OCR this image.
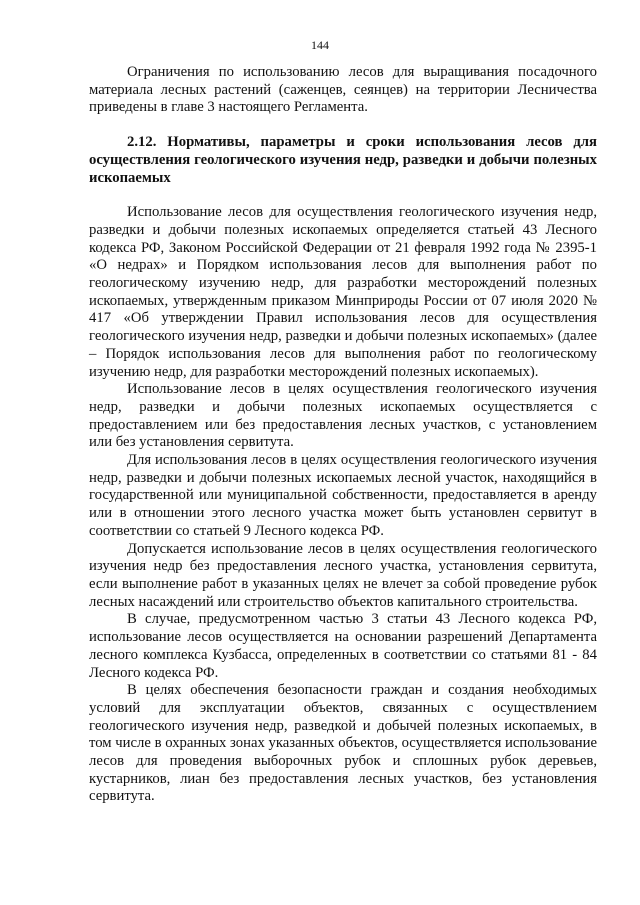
144

Ограничения по использованию лесов для выращивания посадочного материала лесных растений (саженцев, сеянцев) на территории Лесничества приведены в главе 3 настоящего Регламента.

2.12. Нормативы, параметры и сроки использования лесов для осуществления геологического изучения недр, разведки и добычи полезных ископаемых

Использование лесов для осуществления геологического изучения недр, разведки и добычи полезных ископаемых определяется статьей 43 Лесного кодекса РФ, Законом Российской Федерации от 21 февраля 1992 года № 2395-1 «О недрах» и Порядком использования лесов для выполнения работ по геологическому изучению недр, для разработки месторождений полезных ископаемых, утвержденным приказом Минприроды России от 07 июля 2020 № 417 «Об утверждении Правил использования лесов для осуществления геологического изучения недр, разведки и добычи полезных ископаемых» (далее – Порядок использования лесов для выполнения работ по геологическому изучению недр, для разработки месторождений полезных ископаемых).

Использование лесов в целях осуществления геологического изучения недр, разведки и добычи полезных ископаемых осуществляется с предоставлением или без предоставления лесных участков, с установлением или без установления сервитута.

Для использования лесов в целях осуществления геологического изучения недр, разведки и добычи полезных ископаемых лесной участок, находящийся в государственной или муниципальной собственности, предоставляется в аренду или в отношении этого лесного участка может быть установлен сервитут в соответствии со статьей 9 Лесного кодекса РФ.

Допускается использование лесов в целях осуществления геологического изучения недр без предоставления лесного участка, установления сервитута, если выполнение работ в указанных целях не влечет за собой проведение рубок лесных насаждений или строительство объектов капитального строительства.

В случае, предусмотренном частью 3 статьи 43 Лесного кодекса РФ, использование лесов осуществляется на основании разрешений Департамента лесного комплекса Кузбасса, определенных в соответствии со статьями 81 - 84 Лесного кодекса РФ.

В целях обеспечения безопасности граждан и создания необходимых условий для эксплуатации объектов, связанных с осуществлением геологического изучения недр, разведкой и добычей полезных ископаемых, в том числе в охранных зонах указанных объектов, осуществляется использование лесов для проведения выборочных рубок и сплошных рубок деревьев, кустарников, лиан без предоставления лесных участков, без установления сервитута.
